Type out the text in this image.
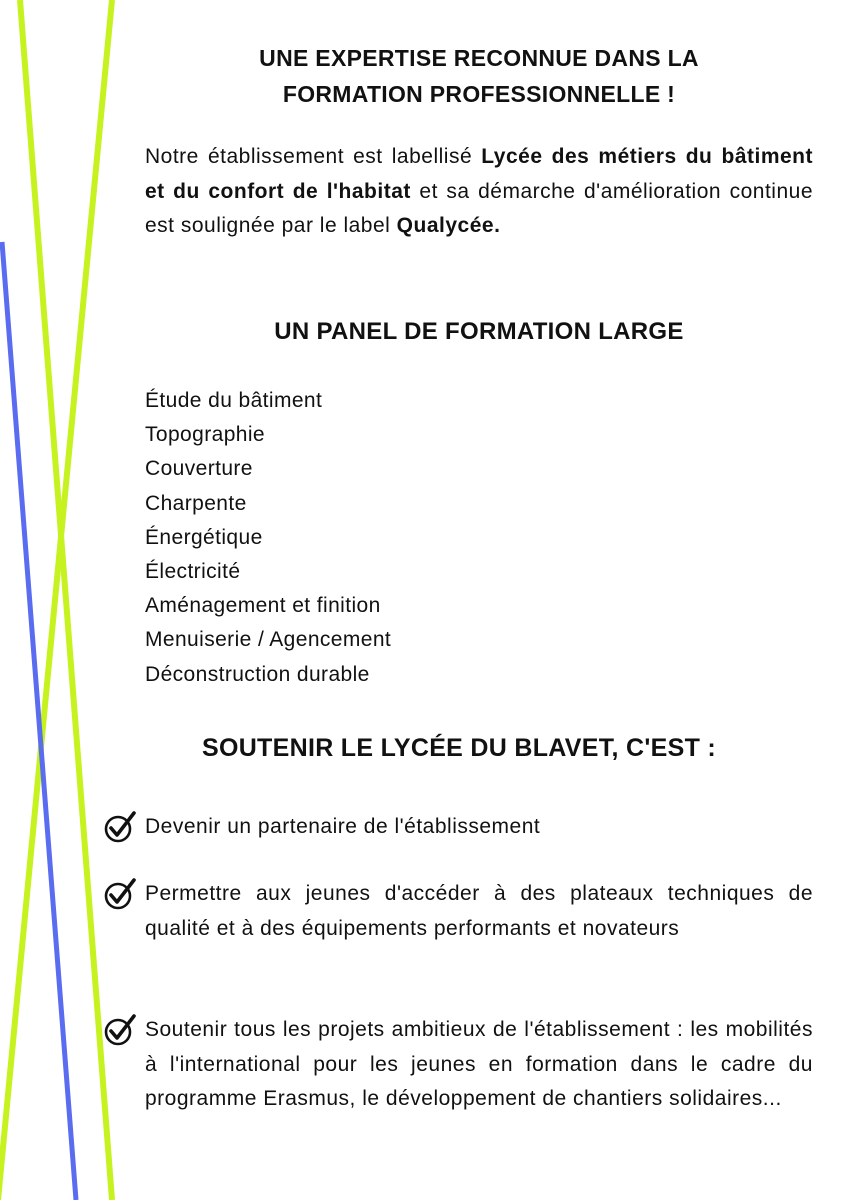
UNE EXPERTISE RECONNUE DANS LA
FORMATION PROFESSIONNELLE !

Notre établissement est labellisé Lycée des métiers du bâtiment et du confort de l'habitat et sa démarche d'amélioration continue est soulignée par le label Qualycée.

UN PANEL DE FORMATION LARGE
Étude du bâtiment
Topographie
Couverture
Charpente
Énergétique
Électricité
Aménagement et finition
Menuiserie / Agencement
Déconstruction durable
SOUTENIR LE LYCÉE DU BLAVET, C'EST :
Devenir un partenaire de l'établissement
Permettre aux jeunes d'accéder à des plateaux techniques de qualité et à des équipements performants et novateurs
Soutenir tous les projets ambitieux de l'établissement : les mobilités à l'international pour les jeunes en formation dans le cadre du programme Erasmus, le développement de chantiers solidaires...
